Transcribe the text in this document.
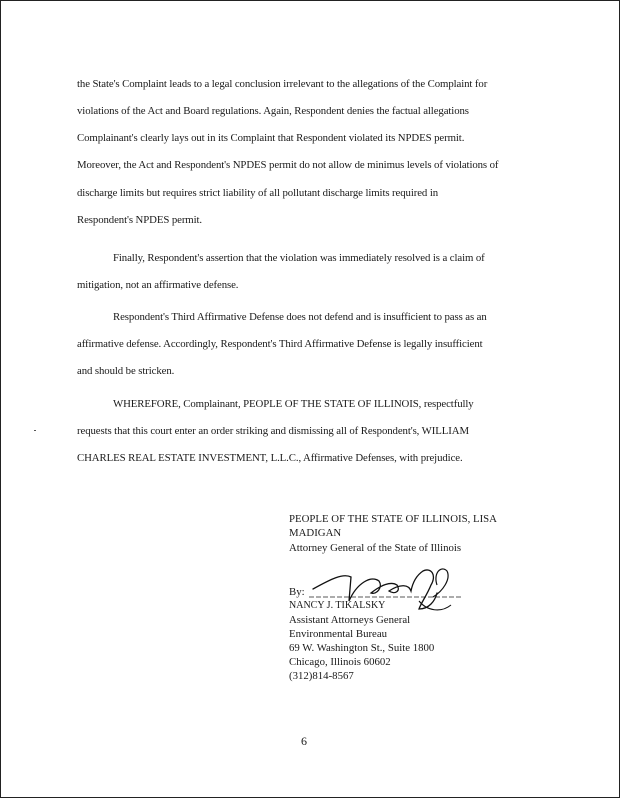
the State's Complaint leads to a legal conclusion irrelevant to the allegations of the Complaint for
violations of the Act and Board regulations. Again, Respondent denies the factual allegations
Complainant's clearly lays out in its Complaint that Respondent violated its NPDES permit.
Moreover, the Act and Respondent's NPDES permit do not allow de minimus levels of violations of
discharge limits but requires strict liability of all pollutant discharge limits required in
Respondent's NPDES permit.
Finally, Respondent's assertion that the violation was immediately resolved is a claim of
mitigation, not an affirmative defense.
Respondent's Third Affirmative Defense does not defend and is insufficient to pass as an
affirmative defense. Accordingly, Respondent's Third Affirmative Defense is legally insufficient
and should be stricken.
WHEREFORE, Complainant, PEOPLE OF THE STATE OF ILLINOIS, respectfully
requests that this court enter an order striking and dismissing all of Respondent's, WILLIAM
CHARLES REAL ESTATE INVESTMENT, L.L.C., Affirmative Defenses, with prejudice.
PEOPLE OF THE STATE OF ILLINOIS, LISA
MADIGAN
Attorney General of the State of Illinois
By:
NANCY J. TIKALSKY
Assistant Attorneys General
Environmental Bureau
69 W. Washington St., Suite 1800
Chicago, Illinois 60602
(312)814-8567
6
